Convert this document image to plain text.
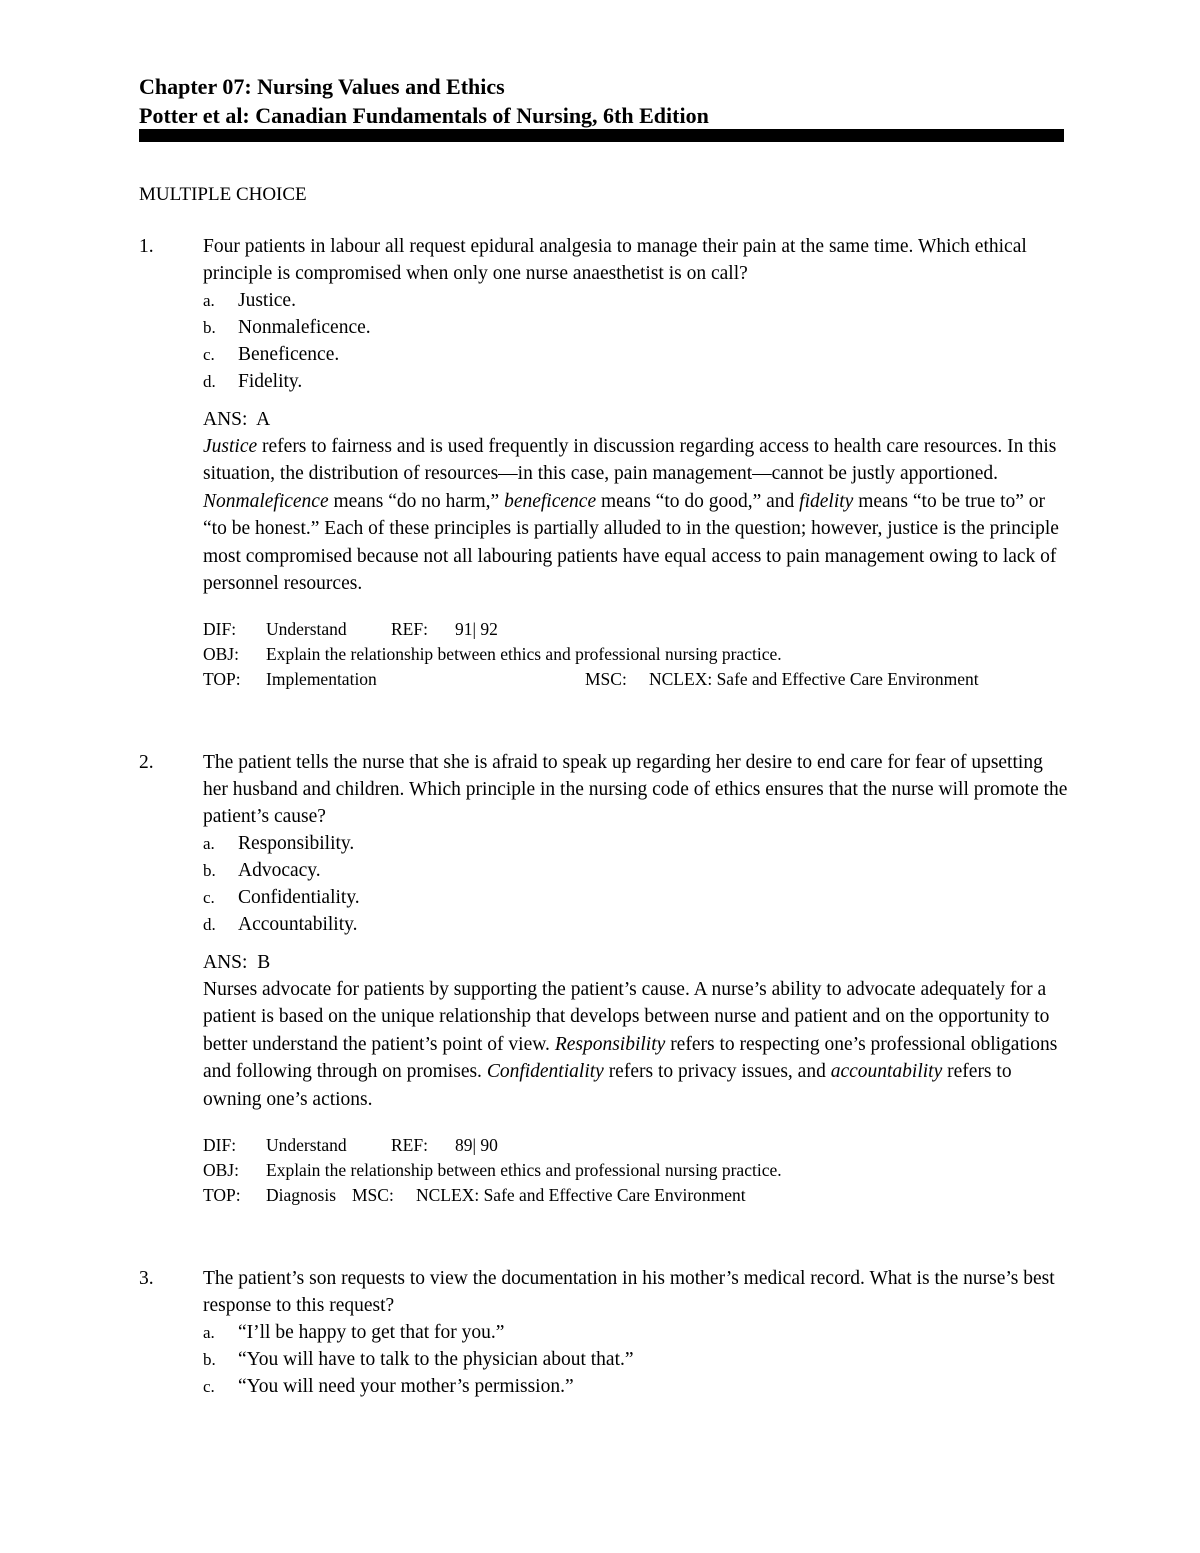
Chapter 07: Nursing Values and Ethics
Potter et al: Canadian Fundamentals of Nursing, 6th Edition
MULTIPLE CHOICE
1.	Four patients in labour all request epidural analgesia to manage their pain at the same time. Which ethical principle is compromised when only one nurse anaesthetist is on call?
a. Justice.
b. Nonmaleficence.
c. Beneficence.
d. Fidelity.
ANS: A
Justice refers to fairness and is used frequently in discussion regarding access to health care resources. In this situation, the distribution of resources—in this case, pain management—cannot be justly apportioned. Nonmaleficence means “do no harm,” beneficence means “to do good,” and fidelity means “to be true to” or “to be honest.” Each of these principles is partially alluded to in the question; however, justice is the principle most compromised because not all labouring patients have equal access to pain management owing to lack of personnel resources.
DIF: Understand	REF: 91| 92
OBJ: Explain the relationship between ethics and professional nursing practice.
TOP: Implementation	MSC: NCLEX: Safe and Effective Care Environment
2.	The patient tells the nurse that she is afraid to speak up regarding her desire to end care for fear of upsetting her husband and children. Which principle in the nursing code of ethics ensures that the nurse will promote the patient’s cause?
a. Responsibility.
b. Advocacy.
c. Confidentiality.
d. Accountability.
ANS: B
Nurses advocate for patients by supporting the patient’s cause. A nurse’s ability to advocate adequately for a patient is based on the unique relationship that develops between nurse and patient and on the opportunity to better understand the patient’s point of view. Responsibility refers to respecting one’s professional obligations and following through on promises. Confidentiality refers to privacy issues, and accountability refers to owning one’s actions.
DIF: Understand	REF: 89| 90
OBJ: Explain the relationship between ethics and professional nursing practice.
TOP: Diagnosis MSC: NCLEX: Safe and Effective Care Environment
3.	The patient’s son requests to view the documentation in his mother’s medical record. What is the nurse’s best response to this request?
a. “I’ll be happy to get that for you.”
b. “You will have to talk to the physician about that.”
c. “You will need your mother’s permission.”
